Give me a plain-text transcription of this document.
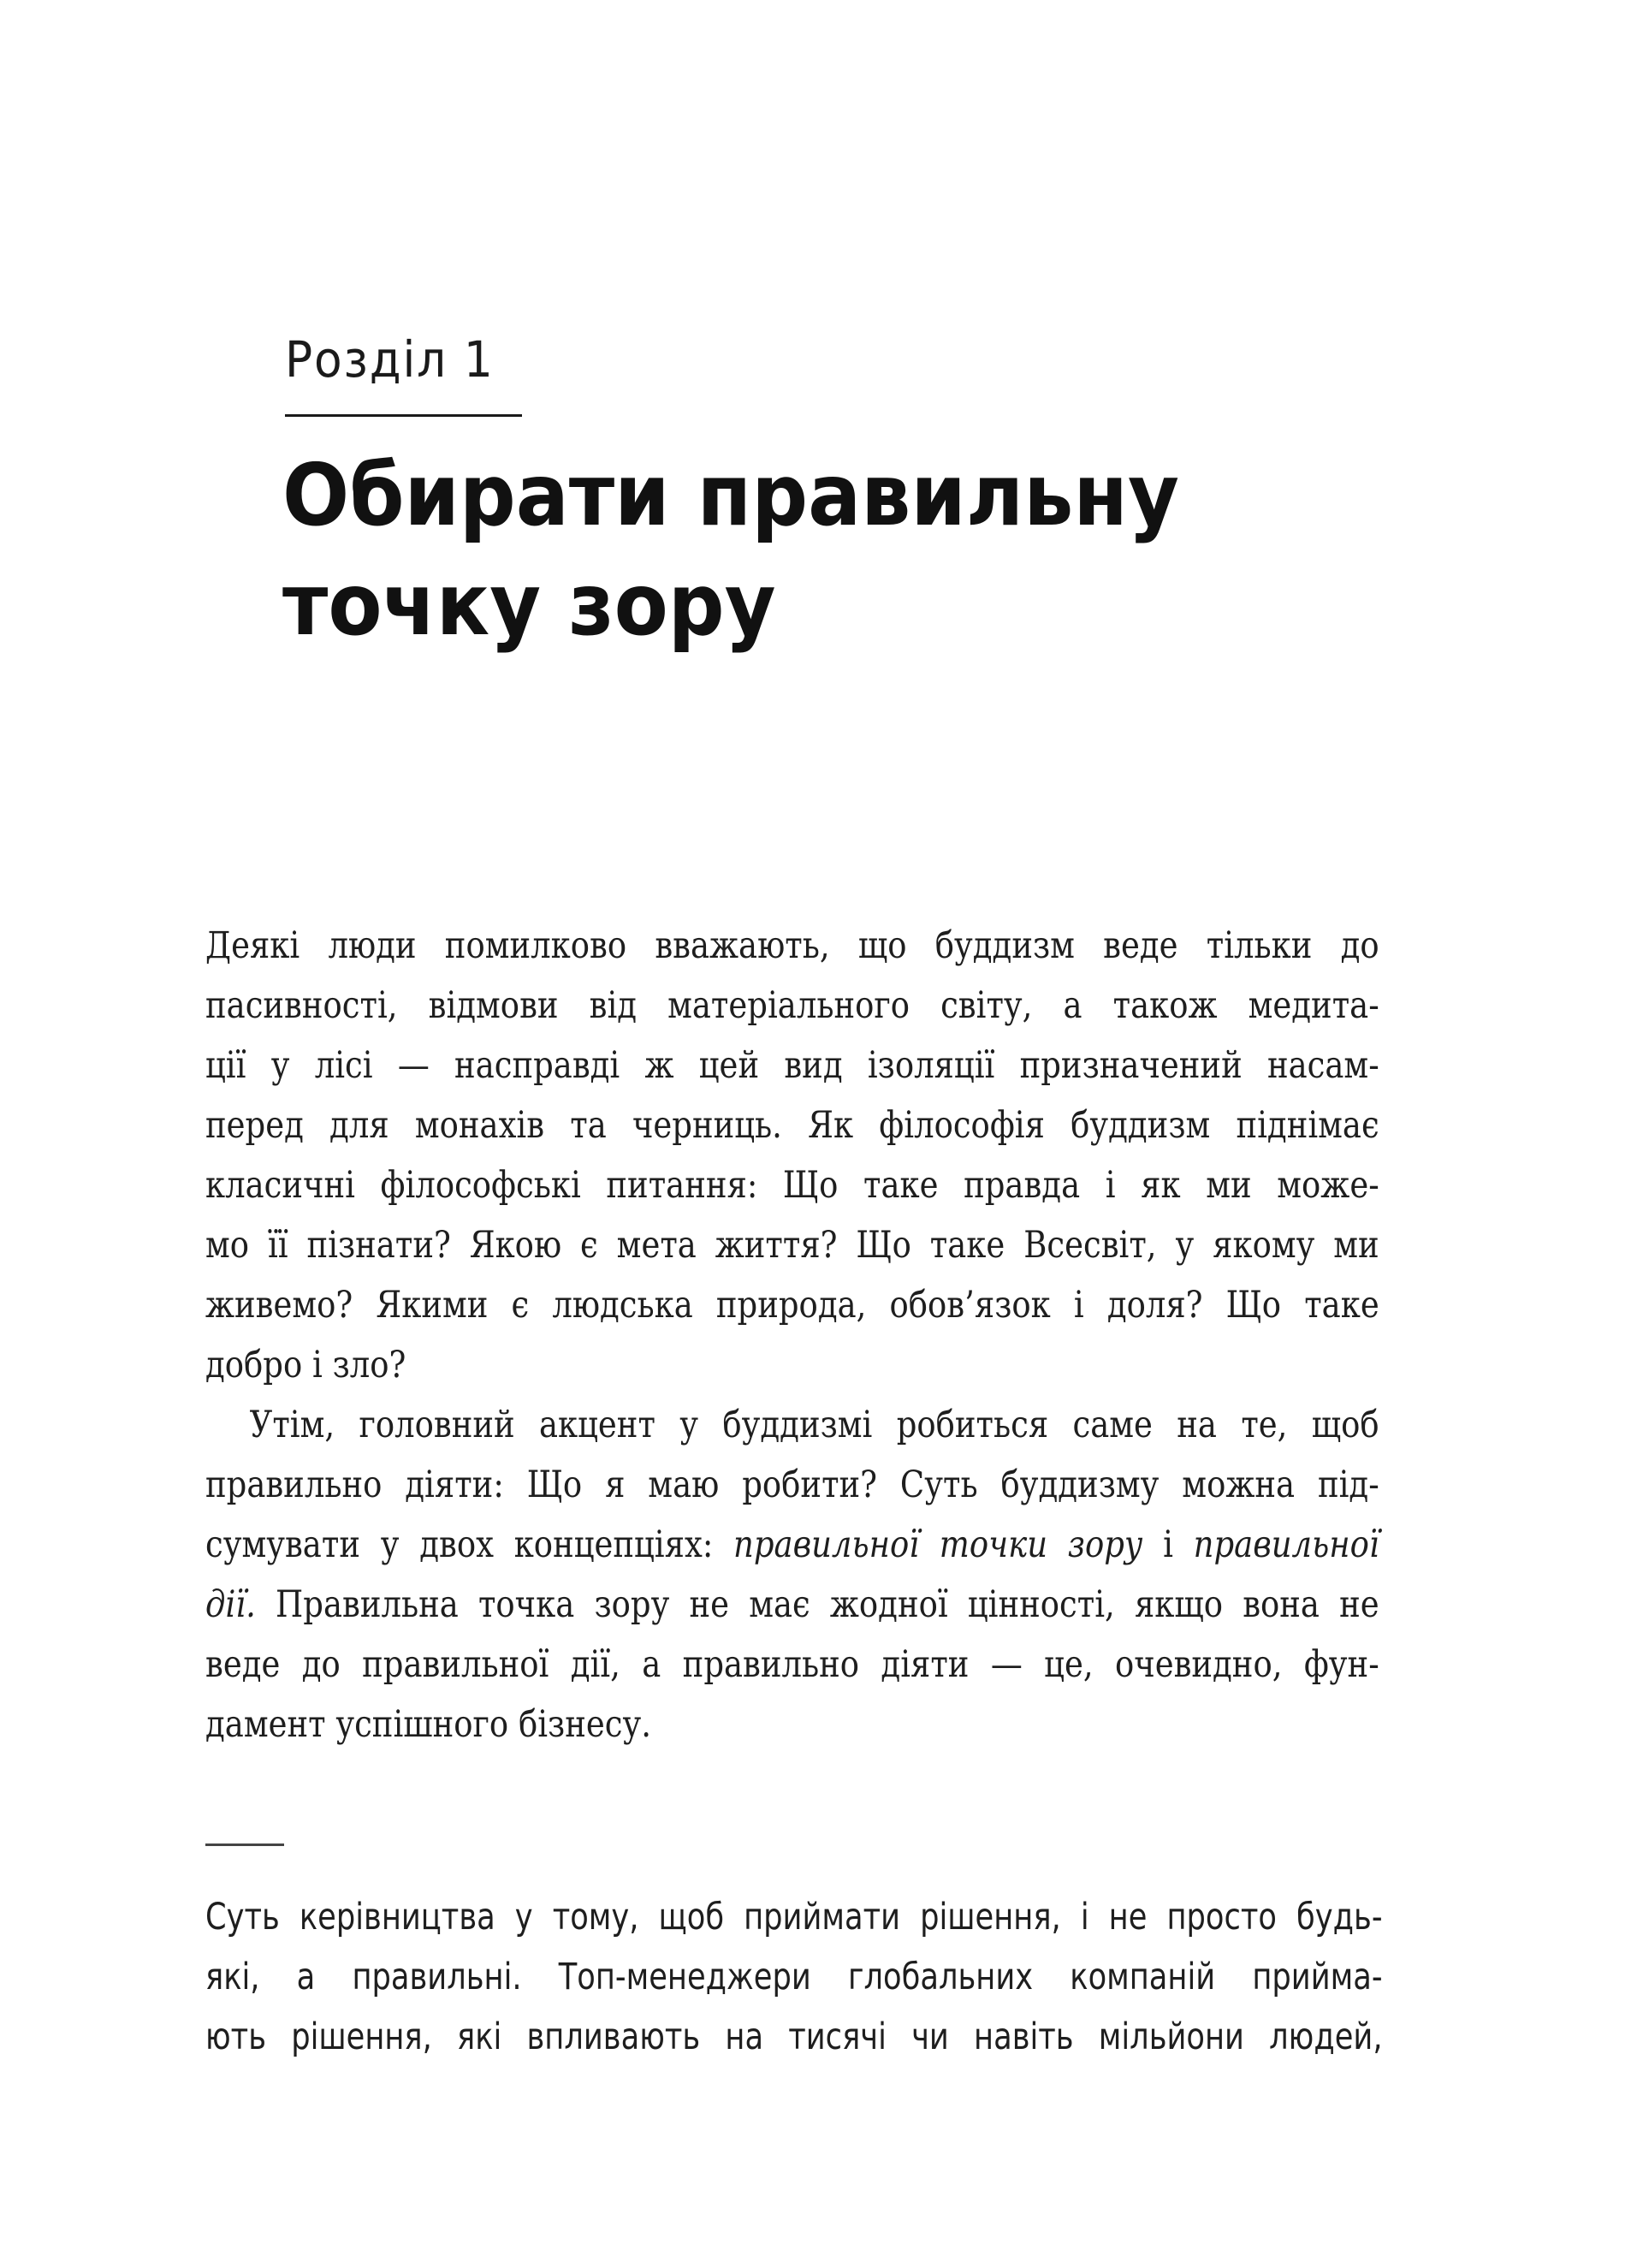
Розділ 1
Обирати правильну
точку зору
Деякі люди помилково вважають, що буддизм веде тільки до
пасивності, відмови від матеріального світу, а також медита-
ції у лісі — насправді ж цей вид ізоляції призначений насам-
перед для монахів та черниць. Як філософія буддизм піднімає
класичні філософські питання: Що таке правда і як ми може-
мо її пізнати? Якою є мета життя? Що таке Всесвіт, у якому ми
живемо? Якими є людська природа, обов’язок і доля? Що таке
добро і зло?
Утім, головний акцент у буддизмі робиться саме на те, щоб
правильно діяти: Що я маю робити? Суть буддизму можна під-
сумувати у двох концепціях: правильної точки зору і правильної
дії. Правильна точка зору не має жодної цінності, якщо вона не
веде до правильної дії, а правильно діяти — це, очевидно, фун-
дамент успішного бізнесу.
Суть керівництва у тому, щоб приймати рішення, і не просто будь-
які, а правильні. Топ-менеджери глобальних компаній прийма-
ють рішення, які впливають на тисячі чи навіть мільйони людей,
